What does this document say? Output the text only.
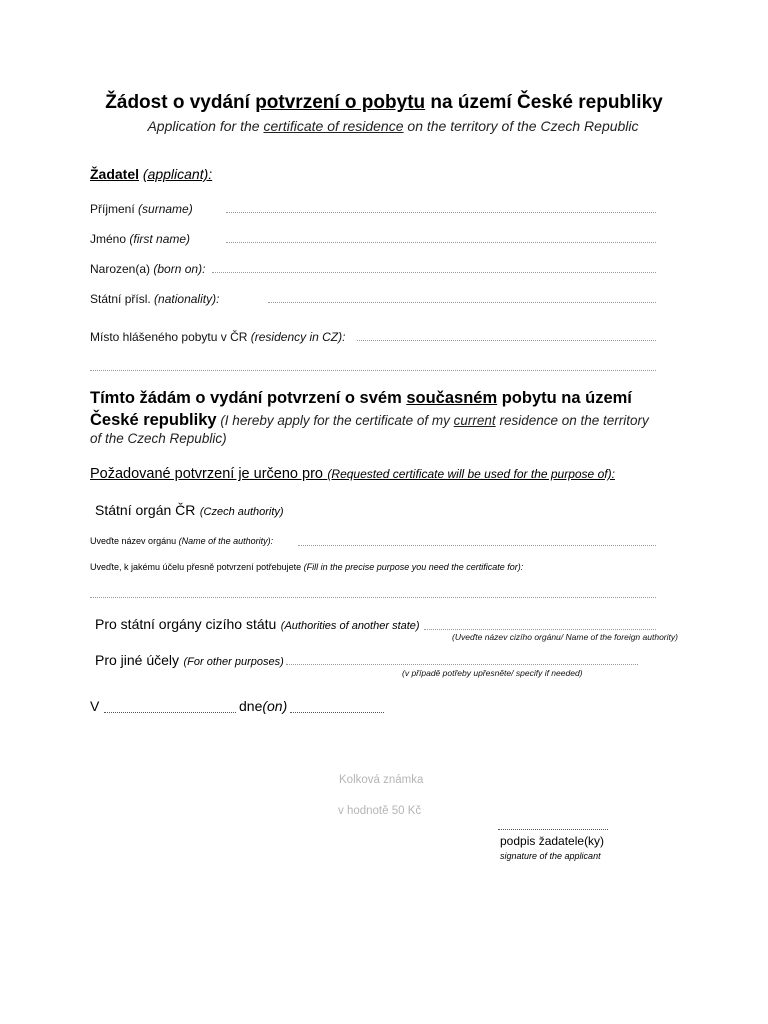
Žádost o vydání potvrzení o pobytu na území České republiky
Application for the certificate of residence on the territory of the Czech Republic
Žadatel (applicant):
Příjmení (surname)
Jméno (first name)
Narozen(a) (born on):
Státní přísl. (nationality):
Místo hlášeného pobytu v ČR (residency in CZ):
Tímto žádám o vydání potvrzení o svém současném pobytu na území
České republiky (I hereby apply for the certificate of my current residence on the territory
of the Czech Republic)
Požadované potvrzení je určeno pro (Requested certificate will be used for the purpose of):
Státní orgán ČR (Czech authority)
Uveďte název orgánu (Name of the authority):
Uveďte, k jakému účelu přesně potvrzení potřebujete (Fill in the precise purpose you need the certificate for):
Pro státní orgány cizího státu (Authorities of another state)
(Uveďte název cizího orgánu/ Name of the foreign authority)
Pro jiné účely (For other purposes)
(v případě potřeby upřesněte/ specify if needed)
V	dne(on)
Kolková známka
v hodnotě 50 Kč
podpis žadatele(ky)
signature of the applicant
